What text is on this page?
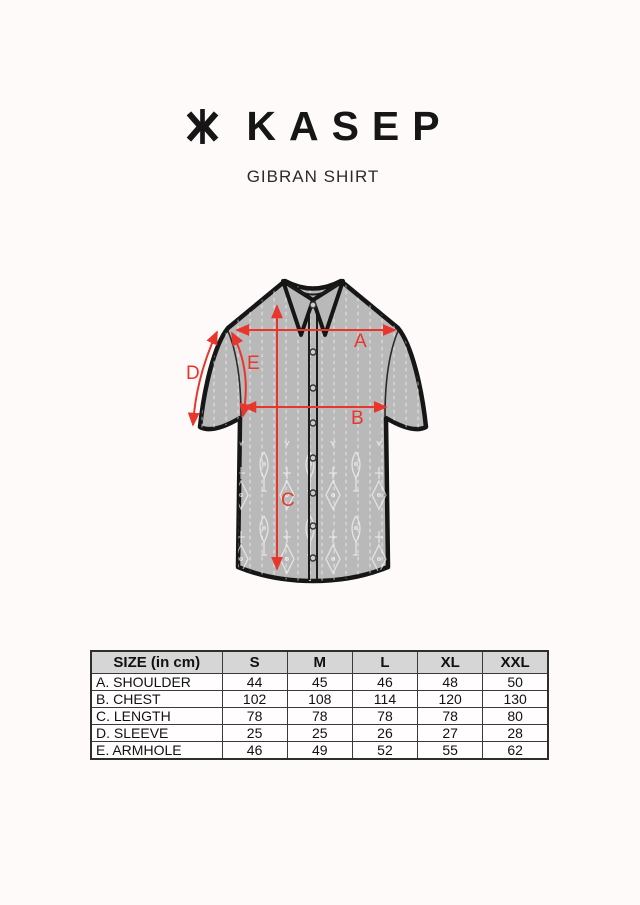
KASEP
GIBRAN SHIRT
A
B
C
D E
SIZE (in cm)	S	M	L	XL	XXL
A. SHOULDER	44	45	46	48	50
B. CHEST	102	108	114	120	130
C. LENGTH	78	78	78	78	80
D. SLEEVE	25	25	26	27	28
E. ARMHOLE	46	49	52	55	62
